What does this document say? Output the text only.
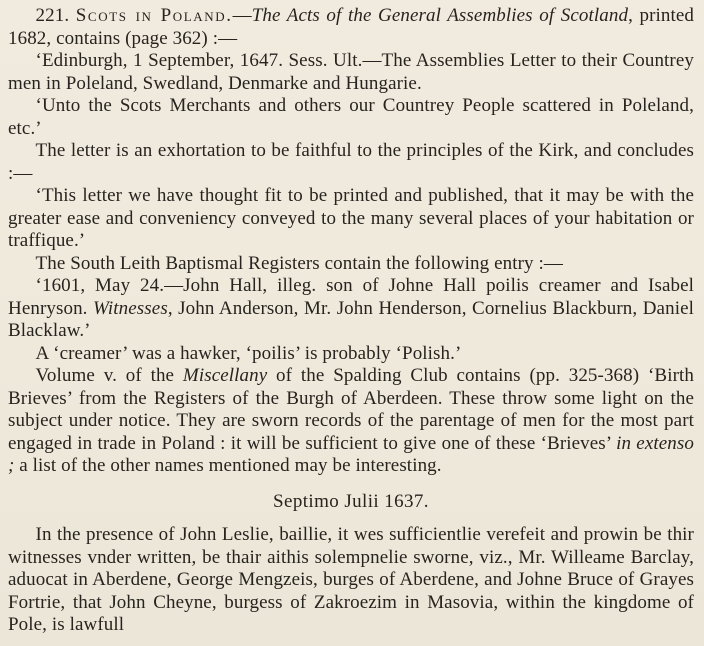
221. Scots in Poland.—The Acts of the General Assemblies of Scotland, printed 1682, contains (page 362) :—

‘Edinburgh, 1 September, 1647. Sess. Ult.—The Assemblies Letter to their Countrey men in Poleland, Swedland, Denmarke and Hungarie.

‘Unto the Scots Merchants and others our Countrey People scattered in Poleland, etc.’

The letter is an exhortation to be faithful to the principles of the Kirk, and concludes :—

‘This letter we have thought fit to be printed and published, that it may be with the greater ease and conveniency conveyed to the many several places of your habitation or traffique.’

The South Leith Baptismal Registers contain the following entry :—

‘1601, May 24.—John Hall, illeg. son of Johne Hall poilis creamer and Isabel Henryson. Witnesses, John Anderson, Mr. John Henderson, Cornelius Blackburn, Daniel Blacklaw.’

A ‘creamer’ was a hawker, ‘poilis’ is probably ‘Polish.’

Volume v. of the Miscellany of the Spalding Club contains (pp. 325-368) ‘Birth Brieves’ from the Registers of the Burgh of Aberdeen. These throw some light on the subject under notice. They are sworn records of the parentage of men for the most part engaged in trade in Poland : it will be sufficient to give one of these ‘Brieves’ in extenso ; a list of the other names mentioned may be interesting.

Septimo Julii 1637.

In the presence of John Leslie, baillie, it wes sufficientlie verefeit and prowin be thir witnesses vnder written, be thair aithis solempnelie sworne, viz., Mr. Willeame Barclay, aduocat in Aberdene, George Mengzeis, burges of Aberdene, and Johne Bruce of Grayes Fortrie, that John Cheyne, burgess of Zakroezim in Masovia, within the kingdome of Pole, is lawfull
